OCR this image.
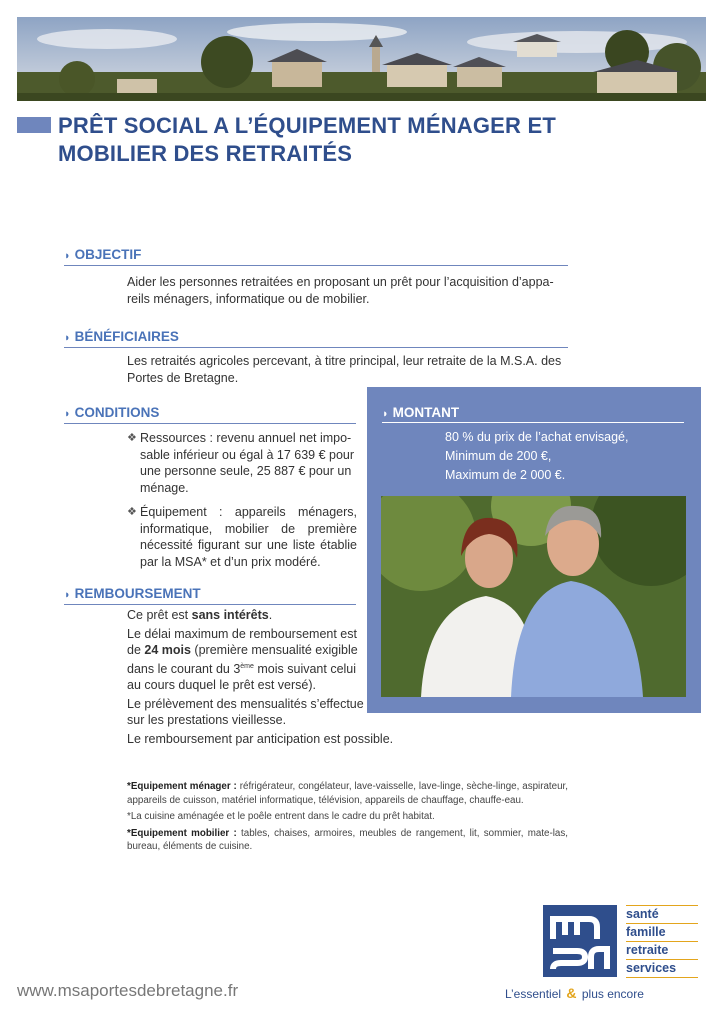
PRÊT SOCIAL A L’ÉQUIPEMENT MÉNAGER ET MOBILIER DES RETRAITÉS
◗ OBJECTIF

Aider les personnes retraitées en proposant un prêt pour l’acquisition d’appa-reils ménagers, informatique ou de mobilier.

◗ BÉNÉFICIAIRES

Les retraités agricoles percevant, à titre principal, leur retraite de la M.S.A. des Portes de Bretagne.

◗ CONDITIONS
❖ Ressources : revenu annuel net impo-sable inférieur ou égal à 17 639 € pour une personne seule, 25 887 € pour un ménage.
❖ Équipement : appareils ménagers, informatique, mobilier de première nécessité figurant sur une liste établie par la MSA* et d’un prix modéré.
◗ REMBOURSEMENT

Ce prêt est sans intérêts.

Le délai maximum de remboursement est de 24 mois (première mensualité exigible dans le courant du 3ème mois suivant celui au cours duquel le prêt est versé).

Le prélèvement des mensualités s’effectue sur les prestations vieillesse.

Le remboursement par anticipation est possible.

◗ MONTANT
80 % du prix de l’achat envisagé,
Minimum de 200 €,
Maximum de 2 000 €.

*Equipement ménager : réfrigérateur, congélateur, lave-vaisselle, lave-linge, sèche-linge, aspirateur, appareils de cuisson, matériel informatique, télévision, appareils de chauffage, chauffe-eau.

*La cuisine aménagée et le poêle entrent dans le cadre du prêt habitat.

*Equipement mobilier : tables, chaises, armoires, meubles de rangement, lit, sommier, mate-las, bureau, éléments de cuisine.

santé
famille
retraite
services
www.msaportesdebretagne.fr	L’essentiel & plus encore
